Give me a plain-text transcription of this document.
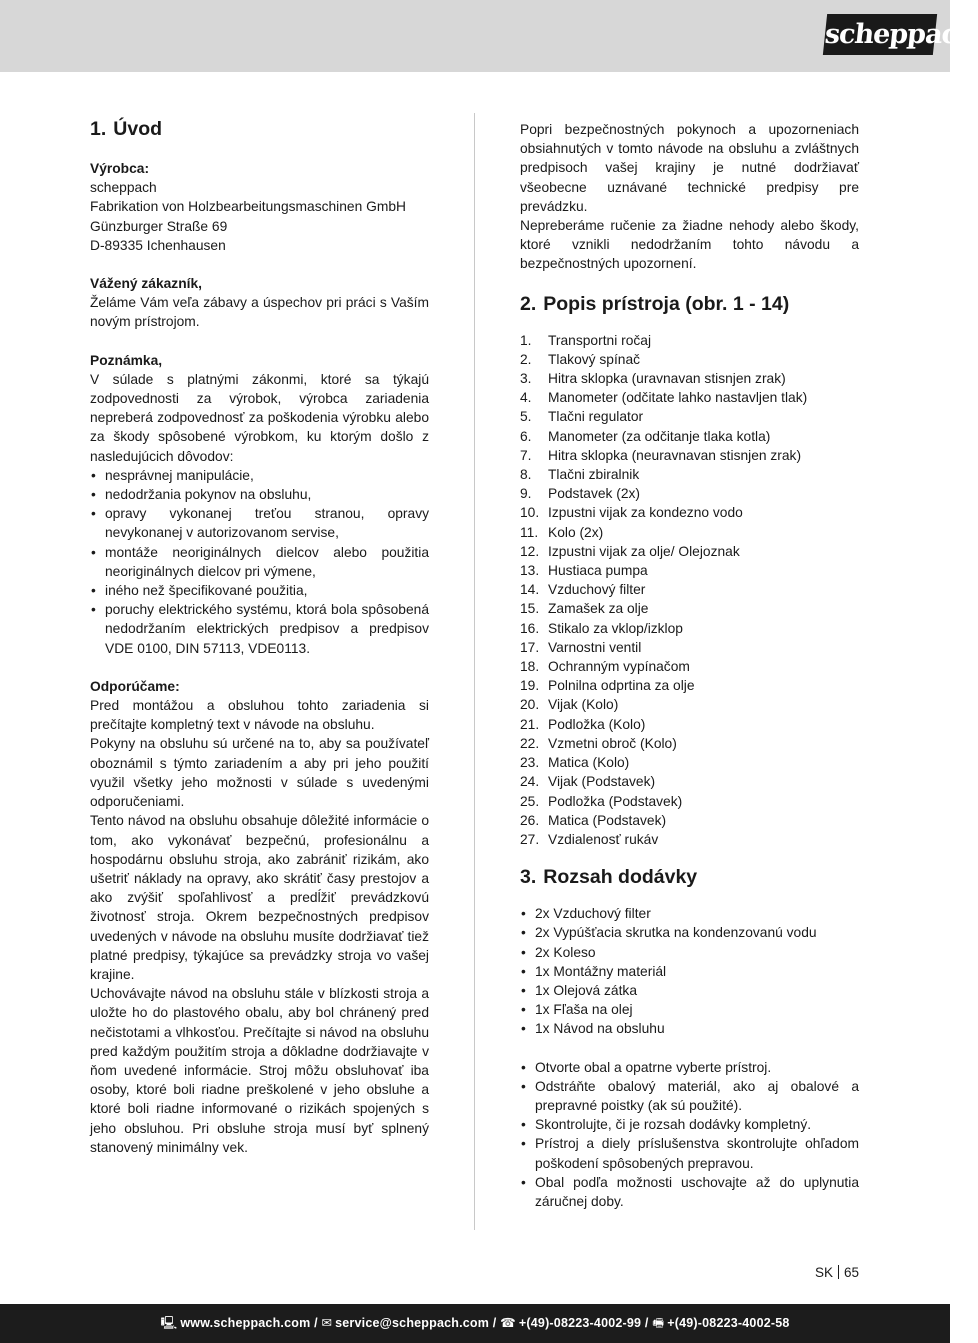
scheppach
1. Úvod

Výrobca:

scheppach

Fabrikation von Holzbearbeitungsmaschinen GmbH

Günzburger Straße 69

D-89335 Ichenhausen

Vážený zákazník,

Želáme Vám veľa zábavy a úspechov pri práci s Vaším novým prístrojom.

Poznámka,

V súlade s platnými zákonmi, ktoré sa týkajú zodpovednosti za výrobok, výrobca zariadenia nepreberá zodpovednosť za poškodenia výrobku alebo za škody spôsobené výrobkom, ku ktorým došlo z nasledujúcich dôvodov:

• nesprávnej manipulácie,
• nedodržania pokynov na obsluhu,
• opravy vykonanej treťou stranou, opravy nevykonanej v autorizovanom servise,
• montáže neoriginálnych dielcov alebo použitia neoriginálnych dielcov pri výmene,
• iného než špecifikované použitia,
• poruchy elektrického systému, ktorá bola spôsobená nedodržaním elektrických predpisov a predpisov VDE 0100, DIN 57113, VDE0113.

Odporúčame:

Pred montážou a obsluhou tohto zariadenia si prečítajte kompletný text v návode na obsluhu.

Pokyny na obsluhu sú určené na to, aby sa používateľ oboznámil s týmto zariadením a aby pri jeho použití využil všetky jeho možnosti v súlade s uvedenými odporučeniami.

Tento návod na obsluhu obsahuje dôležité informácie o tom, ako vykonávať bezpečnú, profesionálnu a hospodárnu obsluhu stroja, ako zabrániť rizikám, ako ušetriť náklady na opravy, ako skrátiť časy prestojov a ako zvýšiť spoľahlivosť a predĺžiť prevádzkovú životnosť stroja. Okrem bezpečnostných predpisov uvedených v návode na obsluhu musíte dodržiavať tiež platné predpisy, týkajúce sa prevádzky stroja vo vašej krajine.

Uchovávajte návod na obsluhu stále v blízkosti stroja a uložte ho do plastového obalu, aby bol chránený pred nečistotami a vlhkosťou. Prečítajte si návod na obsluhu pred každým použitím stroja a dôkladne dodržiavajte v ňom uvedené informácie. Stroj môžu obsluhovať iba osoby, ktoré boli riadne preškolené v jeho obsluhe a ktoré boli riadne informované o rizikách spojených s jeho obsluhou. Pri obsluhe stroja musí byť splnený stanovený minimálny vek.

Popri bezpečnostných pokynoch a upozorneniach obsiahnutých v tomto návode na obsluhu a zvláštnych predpisoch vašej krajiny je nutné dodržiavať všeobecne uznávané technické predpisy pre prevádzku.

Nepreberáme ručenie za žiadne nehody alebo škody, ktoré vznikli nedodržaním tohto návodu a bezpečnostných upozornení.

2. Popis prístroja (obr. 1 - 14)
1.	Transportni ročaj
2.	Tlakový spínač
3.	Hitra sklopka (uravnavan stisnjen zrak)
4.	Manometer (odčitate lahko nastavljen tlak)
5.	Tlačni regulator
6.	Manometer (za odčitanje tlaka kotla)
7.	Hitra sklopka (neuravnavan stisnjen zrak)
8.	Tlačni zbiralnik
9.	Podstavek (2x)
10. Izpustni vijak za kondezno vodo
11. Kolo (2x)
12. Izpustni vijak za olje/ Olejoznak
13. Hustiaca pumpa
14. Vzduchový filter
15. Zamašek za olje
16. Stikalo za vklop/izklop
17. Varnostni ventil
18. Ochranným vypínačom
19. Polnilna odprtina za olje
20. Vijak (Kolo)
21. Podložka (Kolo)
22. Vzmetni obroč (Kolo)
23. Matica (Kolo)
24. Vijak (Podstavek)
25. Podložka (Podstavek)
26. Matica (Podstavek)
27. Vzdialenosť rukáv
3. Rozsah dodávky
• 2x Vzduchový filter
• 2x Vypúšťacia skrutka na kondenzovanú vodu
• 2x Koleso
• 1x Montážny materiál
• 1x Olejová zátka
• 1x Fľaša na olej
• 1x Návod na obsluhu
• Otvorte obal a opatrne vyberte prístroj.
• Odstráňte obalový materiál, ako aj obalové a prepravné poistky (ak sú použité).
• Skontrolujte, či je rozsah dodávky kompletný.
• Prístroj a diely príslušenstva skontrolujte ohľadom poškodení spôsobených prepravou.
• Obal podľa možnosti uschovajte až do uplynutia záručnej doby.
SK 65
🖳 www.scheppach.com / ✉ service@scheppach.com / ☎ +(49)-08223-4002-99 / 🖷 +(49)-08223-4002-58
